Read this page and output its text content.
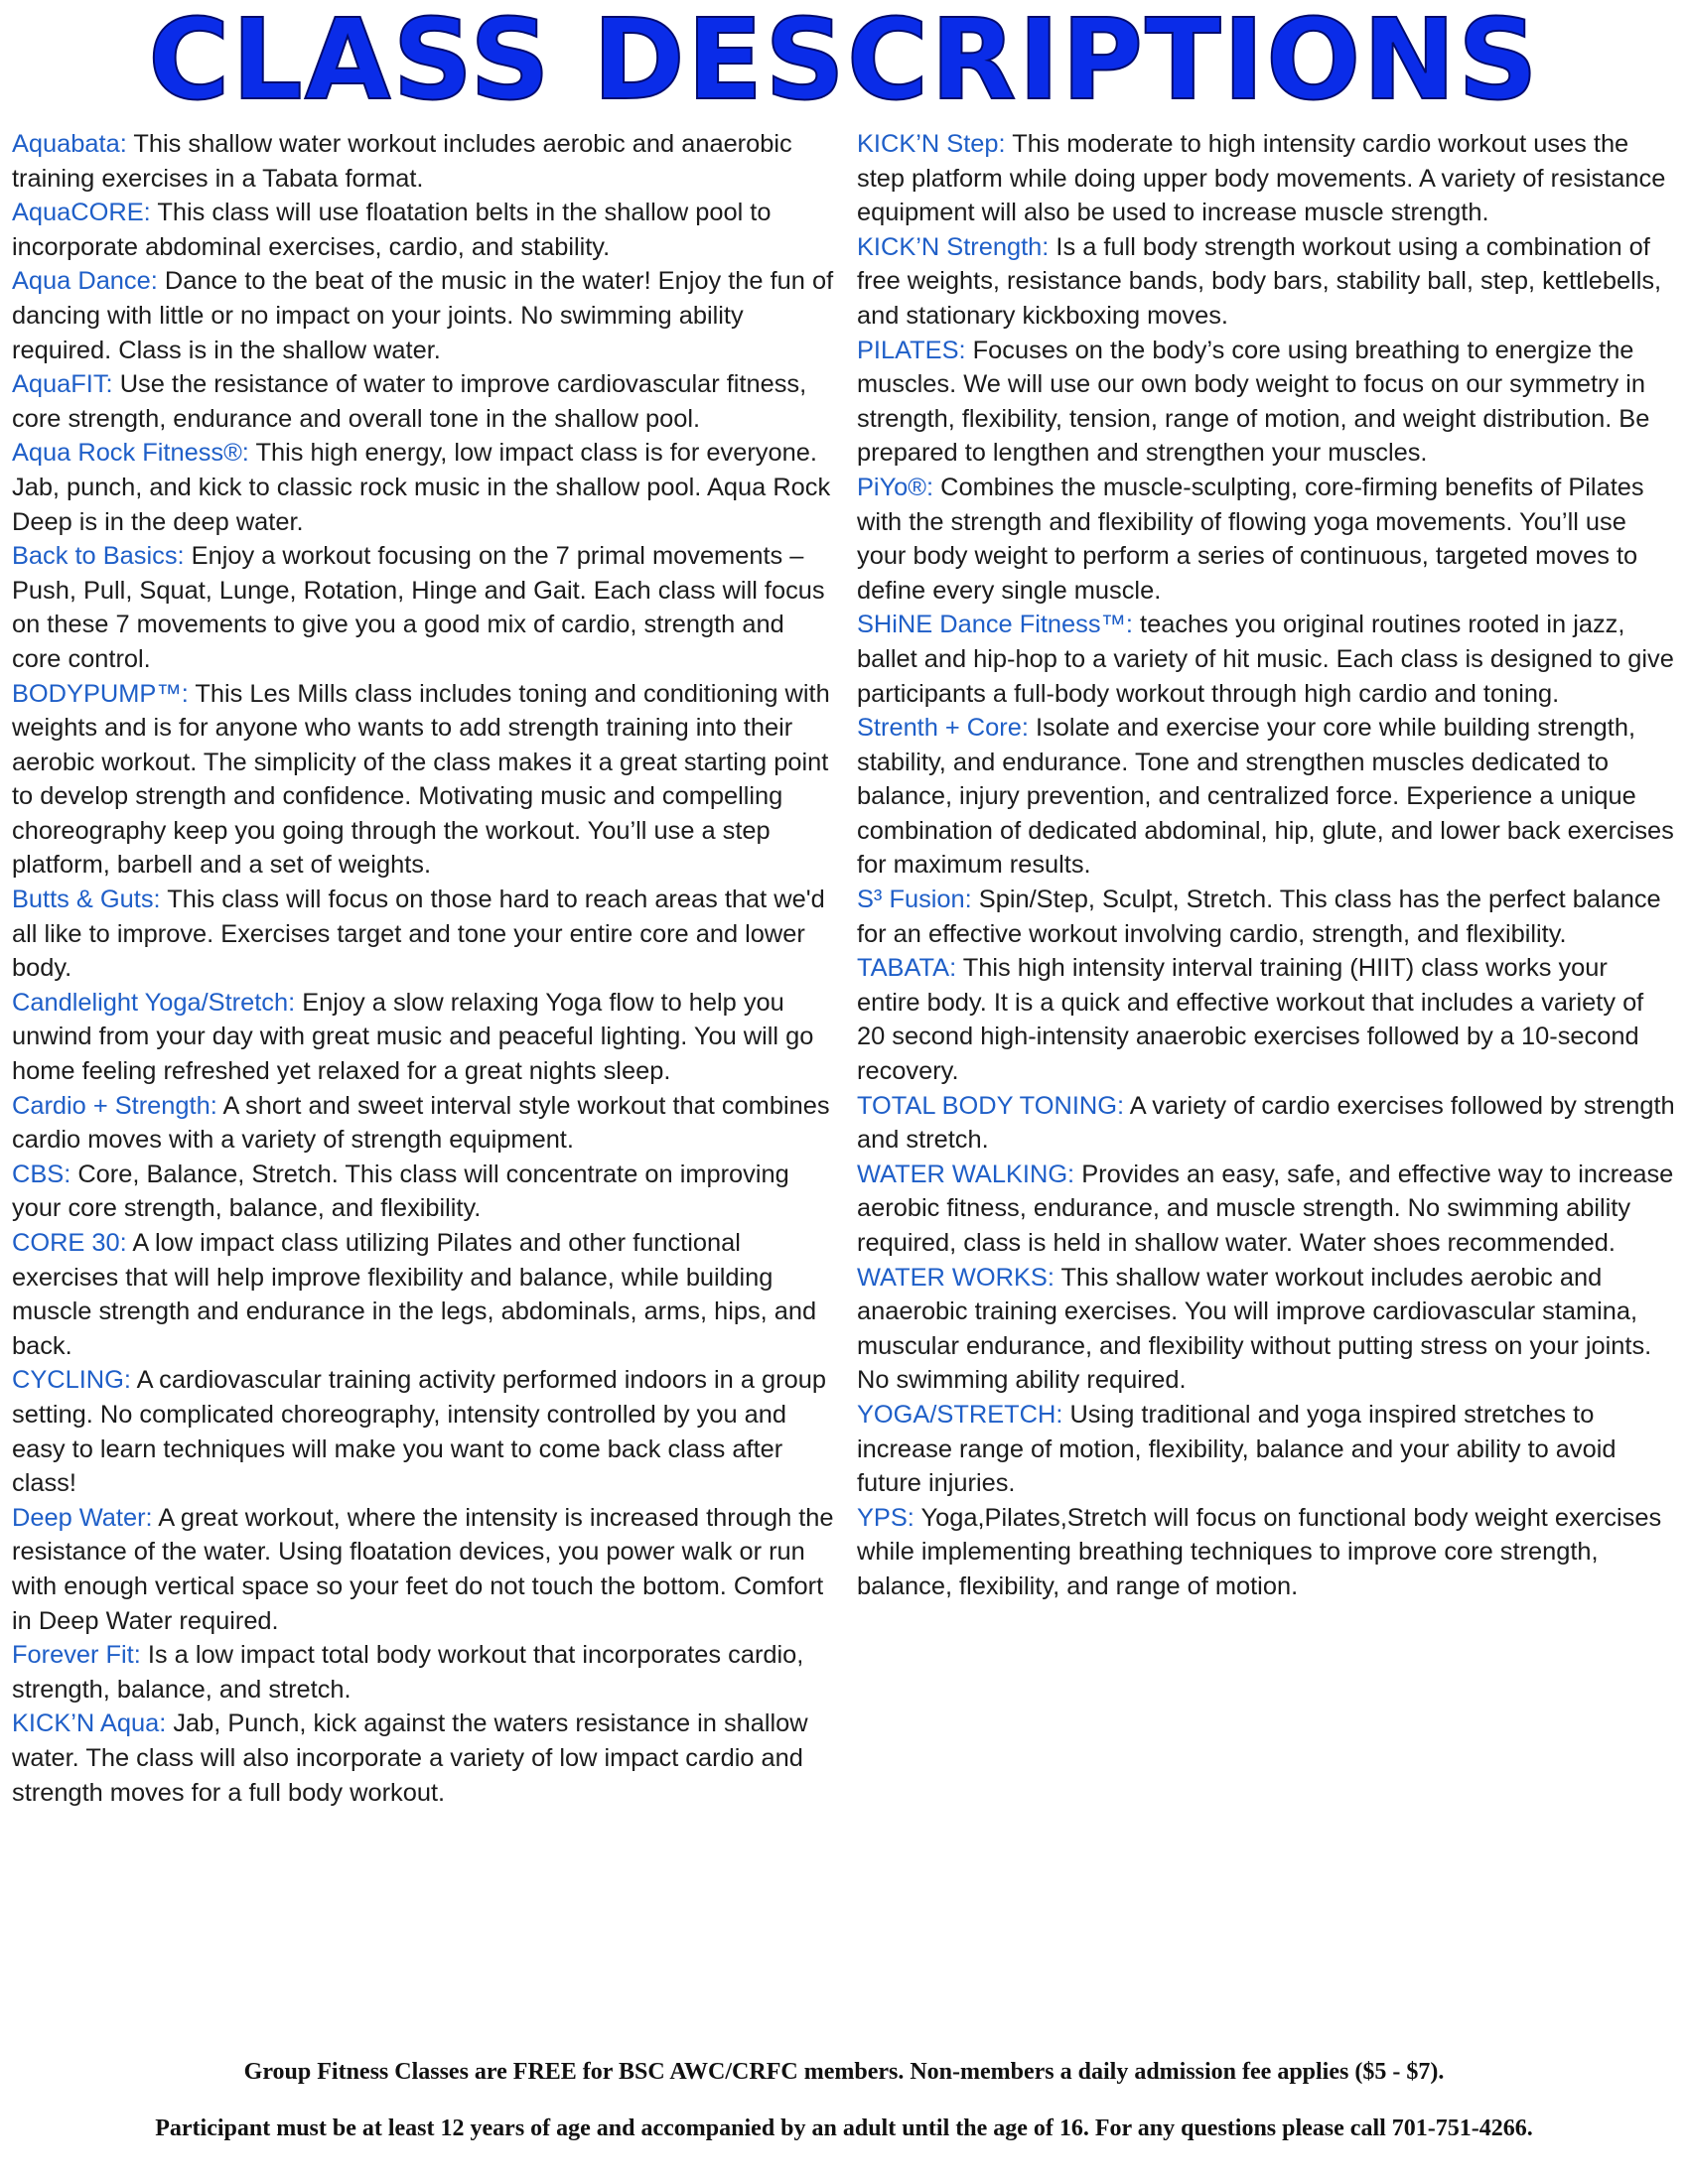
CLASS DESCRIPTIONS

Aquabata: This shallow water workout includes aerobic and anaerobic training exercises in a Tabata format.

AquaCORE: This class will use floatation belts in the shallow pool to incorporate abdominal exercises, cardio, and stability.

Aqua Dance: Dance to the beat of the music in the water! Enjoy the fun of dancing with little or no impact on your joints. No swimming ability required. Class is in the shallow water.

AquaFIT: Use the resistance of water to improve cardiovascular fitness, core strength, endurance and overall tone in the shallow pool.

Aqua Rock Fitness®: This high energy, low impact class is for everyone. Jab, punch, and kick to classic rock music in the shallow pool. Aqua Rock Deep is in the deep water.

Back to Basics: Enjoy a workout focusing on the 7 primal movements – Push, Pull, Squat, Lunge, Rotation, Hinge and Gait. Each class will focus on these 7 movements to give you a good mix of cardio, strength and core control.

BODYPUMP™: This Les Mills class includes toning and conditioning with weights and is for anyone who wants to add strength training into their aerobic workout. The simplicity of the class makes it a great starting point to develop strength and confidence. Motivating music and compelling choreography keep you going through the workout. You’ll use a step platform, barbell and a set of weights.

Butts & Guts: This class will focus on those hard to reach areas that we'd all like to improve. Exercises target and tone your entire core and lower body.

Candlelight Yoga/Stretch: Enjoy a slow relaxing Yoga flow to help you unwind from your day with great music and peaceful lighting. You will go home feeling refreshed yet relaxed for a great nights sleep.

Cardio + Strength: A short and sweet interval style workout that combines cardio moves with a variety of strength equipment.

CBS: Core, Balance, Stretch. This class will concentrate on improving your core strength, balance, and flexibility.

CORE 30: A low impact class utilizing Pilates and other functional exercises that will help improve flexibility and balance, while building muscle strength and endurance in the legs, abdominals, arms, hips, and back.

CYCLING: A cardiovascular training activity performed indoors in a group setting. No complicated choreography, intensity controlled by you and easy to learn techniques will make you want to come back class after class!

Deep Water: A great workout, where the intensity is increased through the resistance of the water. Using floatation devices, you power walk or run with enough vertical space so your feet do not touch the bottom. Comfort in Deep Water required.

Forever Fit: Is a low impact total body workout that incorporates cardio, strength, balance, and stretch.

KICK’N Aqua: Jab, Punch, kick against the waters resistance in shallow water. The class will also incorporate a variety of low impact cardio and strength moves for a full body workout.

KICK’N Step: This moderate to high intensity cardio workout uses the step platform while doing upper body movements. A variety of resistance equipment will also be used to increase muscle strength.

KICK’N Strength: Is a full body strength workout using a combination of free weights, resistance bands, body bars, stability ball, step, kettlebells, and stationary kickboxing moves.

PILATES: Focuses on the body’s core using breathing to energize the muscles. We will use our own body weight to focus on our symmetry in strength, flexibility, tension, range of motion, and weight distribution. Be prepared to lengthen and strengthen your muscles.

PiYo®: Combines the muscle-sculpting, core-firming benefits of Pilates with the strength and flexibility of flowing yoga movements. You’ll use your body weight to perform a series of continuous, targeted moves to define every single muscle.

SHiNE Dance Fitness™: teaches you original routines rooted in jazz, ballet and hip-hop to a variety of hit music. Each class is designed to give participants a full-body workout through high cardio and toning.

Strenth + Core: Isolate and exercise your core while building strength, stability, and endurance. Tone and strengthen muscles dedicated to balance, injury prevention, and centralized force. Experience a unique combination of dedicated abdominal, hip, glute, and lower back exercises for maximum results.

S³ Fusion: Spin/Step, Sculpt, Stretch. This class has the perfect balance for an effective workout involving cardio, strength, and flexibility.

TABATA: This high intensity interval training (HIIT) class works your entire body. It is a quick and effective workout that includes a variety of 20 second high-intensity anaerobic exercises followed by a 10-second recovery.

TOTAL BODY TONING: A variety of cardio exercises followed by strength and stretch.

WATER WALKING: Provides an easy, safe, and effective way to increase aerobic fitness, endurance, and muscle strength. No swimming ability required, class is held in shallow water. Water shoes recommended.

WATER WORKS: This shallow water workout includes aerobic and anaerobic training exercises. You will improve cardiovascular stamina, muscular endurance, and flexibility without putting stress on your joints. No swimming ability required.

YOGA/STRETCH: Using traditional and yoga inspired stretches to increase range of motion, flexibility, balance and your ability to avoid future injuries.

YPS: Yoga,Pilates,Stretch will focus on functional body weight exercises while implementing breathing techniques to improve core strength, balance, flexibility, and range of motion.

Group Fitness Classes are FREE for BSC AWC/CRFC members. Non-members a daily admission fee applies ($5 - $7).
Participant must be at least 12 years of age and accompanied by an adult until the age of 16. For any questions please call 701-751-4266.
